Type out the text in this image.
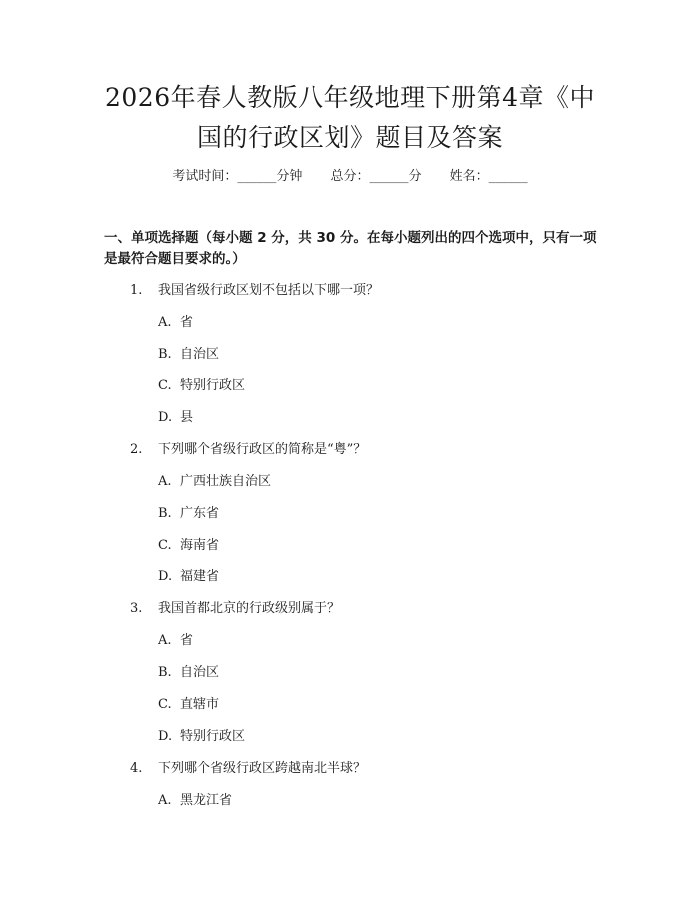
2026年春人教版八年级地理下册第4章《中
国的行政区划》题目及答案
考试时间：______分钟 总分：______分 姓名：______
一、单项选择题（每小题 2 分，共 30 分。在每小题列出的四个选项中，只有一项
是最符合题目要求的。）
1. 我国省级行政区划不包括以下哪一项？
A. 省
B. 自治区
C. 特别行政区
D. 县
2. 下列哪个省级行政区的简称是“粤”？
A. 广西壮族自治区
B. 广东省
C. 海南省
D. 福建省
3. 我国首都北京的行政级别属于？
A. 省
B. 自治区
C. 直辖市
D. 特别行政区
4. 下列哪个省级行政区跨越南北半球？
A. 黑龙江省
